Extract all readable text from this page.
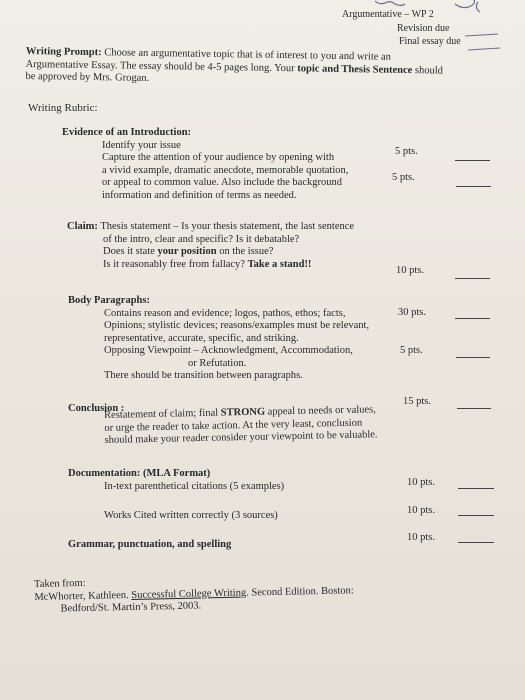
Argumentative – WP 2
Revision due
Final essay due
Writing Prompt: Choose an argumentative topic that is of interest to you and write an
Argumentative Essay. The essay should be 4-5 pages long. Your topic and Thesis Sentence should
be approved by Mrs. Grogan.
Writing Rubric:
Evidence of an Introduction:
Identify your issue
Capture the attention of your audience by opening with
a vivid example, dramatic anecdote, memorable quotation,
or appeal to common value. Also include the background
information and definition of terms as needed.
5 pts.
5 pts.
Claim: Thesis statement – Is your thesis statement, the last sentence
of the intro, clear and specific? Is it debatable?
Does it state your position on the issue?
Is it reasonably free from fallacy? Take a stand!!
10 pts.
Body Paragraphs:
Contains reason and evidence; logos, pathos, ethos; facts,
Opinions; stylistic devices; reasons/examples must be relevant,
representative, accurate, specific, and striking.
Opposing Viewpoint – Acknowledgment, Accommodation,
or Refutation.
There should be transition between paragraphs.
30 pts.
5 pts.
Conclusion :
Restatement of claim; final STRONG appeal to needs or values,
or urge the reader to take action. At the very least, conclusion
should make your reader consider your viewpoint to be valuable.
15 pts.
Documentation: (MLA Format)
In-text parenthetical citations (5 examples)
Works Cited written correctly (3 sources)
10 pts.
10 pts.
Grammar, punctuation, and spelling
10 pts.
Taken from:
McWhorter, Kathleen. Successful College Writing. Second Edition. Boston:
Bedford/St. Martin’s Press, 2003.
